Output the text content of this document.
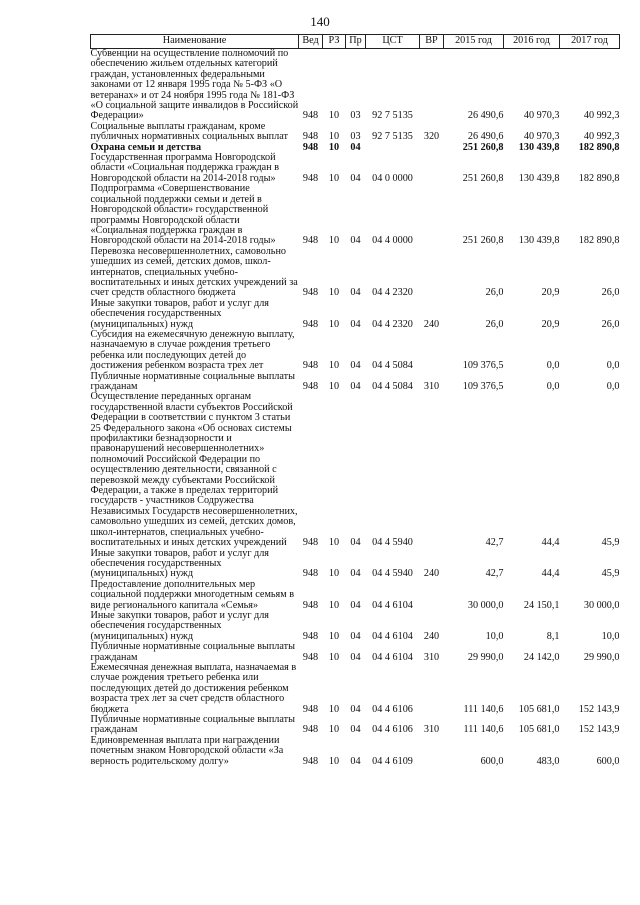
140
Наименование	Вед	РЗ	Пр	ЦСТ	ВР	2015 год	2016 год	2017 год
Субвенции на осуществление полномочий по обеспечению жильем отдельных категорий граждан, установленных федеральными законами от 12 января 1995 года № 5-ФЗ «О ветеранах» и от 24 ноября 1995 года № 181-ФЗ «О социальной защите инвалидов в Российской Федерации»	948	10	03	92 7 5135		26 490,6	40 970,3	40 992,3
Социальные выплаты гражданам, кроме публичных нормативных социальных выплат	948	10	03	92 7 5135	320	26 490,6	40 970,3	40 992,3
Охрана семьи и детства	948	10	04			251 260,8	130 439,8	182 890,8
Государственная программа Новгородской области «Социальная поддержка граждан в Новгородской области на 2014-2018 годы»	948	10	04	04 0 0000		251 260,8	130 439,8	182 890,8
Подпрограмма «Совершенствование социальной поддержки семьи и детей в Новгородской области» государственной программы Новгородской области «Социальная поддержка граждан в Новгородской области на 2014-2018 годы»	948	10	04	04 4 0000		251 260,8	130 439,8	182 890,8
Перевозка несовершеннолетних, самовольно ушедших из семей, детских домов, школ-интернатов, специальных учебно-воспитательных и иных детских учреждений за счет средств областного бюджета	948	10	04	04 4 2320		26,0	20,9	26,0
Иные закупки товаров, работ и услуг для обеспечения государственных (муниципальных) нужд	948	10	04	04 4 2320	240	26,0	20,9	26,0
Субсидия на ежемесячную денежную выплату, назначаемую в случае рождения третьего ребенка или последующих детей до достижения ребенком возраста трех лет	948	10	04	04 4 5084		109 376,5	0,0	0,0
Публичные нормативные социальные выплаты гражданам	948	10	04	04 4 5084	310	109 376,5	0,0	0,0
Осуществление переданных органам государственной власти субъектов Российской Федерации в соответствии с пунктом 3 статьи 25 Федерального закона «Об основах системы профилактики безнадзорности и правонарушений несовершеннолетних» полномочий Российской Федерации по осуществлению деятельности, связанной с перевозкой между субъектами Российской Федерации, а также в пределах территорий государств - участников Содружества Независимых Государств несовершеннолетних, самовольно ушедших из семей, детских домов, школ-интернатов, специальных учебно-воспитательных и иных детских учреждений	948	10	04	04 4 5940		42,7	44,4	45,9
Иные закупки товаров, работ и услуг для обеспечения государственных (муниципальных) нужд	948	10	04	04 4 5940	240	42,7	44,4	45,9
Предоставление дополнительных мер социальной поддержки многодетным семьям в виде регионального капитала «Семья»	948	10	04	04 4 6104		30 000,0	24 150,1	30 000,0
Иные закупки товаров, работ и услуг для обеспечения государственных (муниципальных) нужд	948	10	04	04 4 6104	240	10,0	8,1	10,0
Публичные нормативные социальные выплаты гражданам	948	10	04	04 4 6104	310	29 990,0	24 142,0	29 990,0
Ежемесячная денежная выплата, назначаемая в случае рождения третьего ребенка или последующих детей до достижения ребенком возраста трех лет за счет средств областного бюджета	948	10	04	04 4 6106		111 140,6	105 681,0	152 143,9
Публичные нормативные социальные выплаты гражданам	948	10	04	04 4 6106	310	111 140,6	105 681,0	152 143,9
Единовременная выплата при награждении почетным знаком Новгородской области «За верность родительскому долгу»	948	10	04	04 4 6109		600,0	483,0	600,0
